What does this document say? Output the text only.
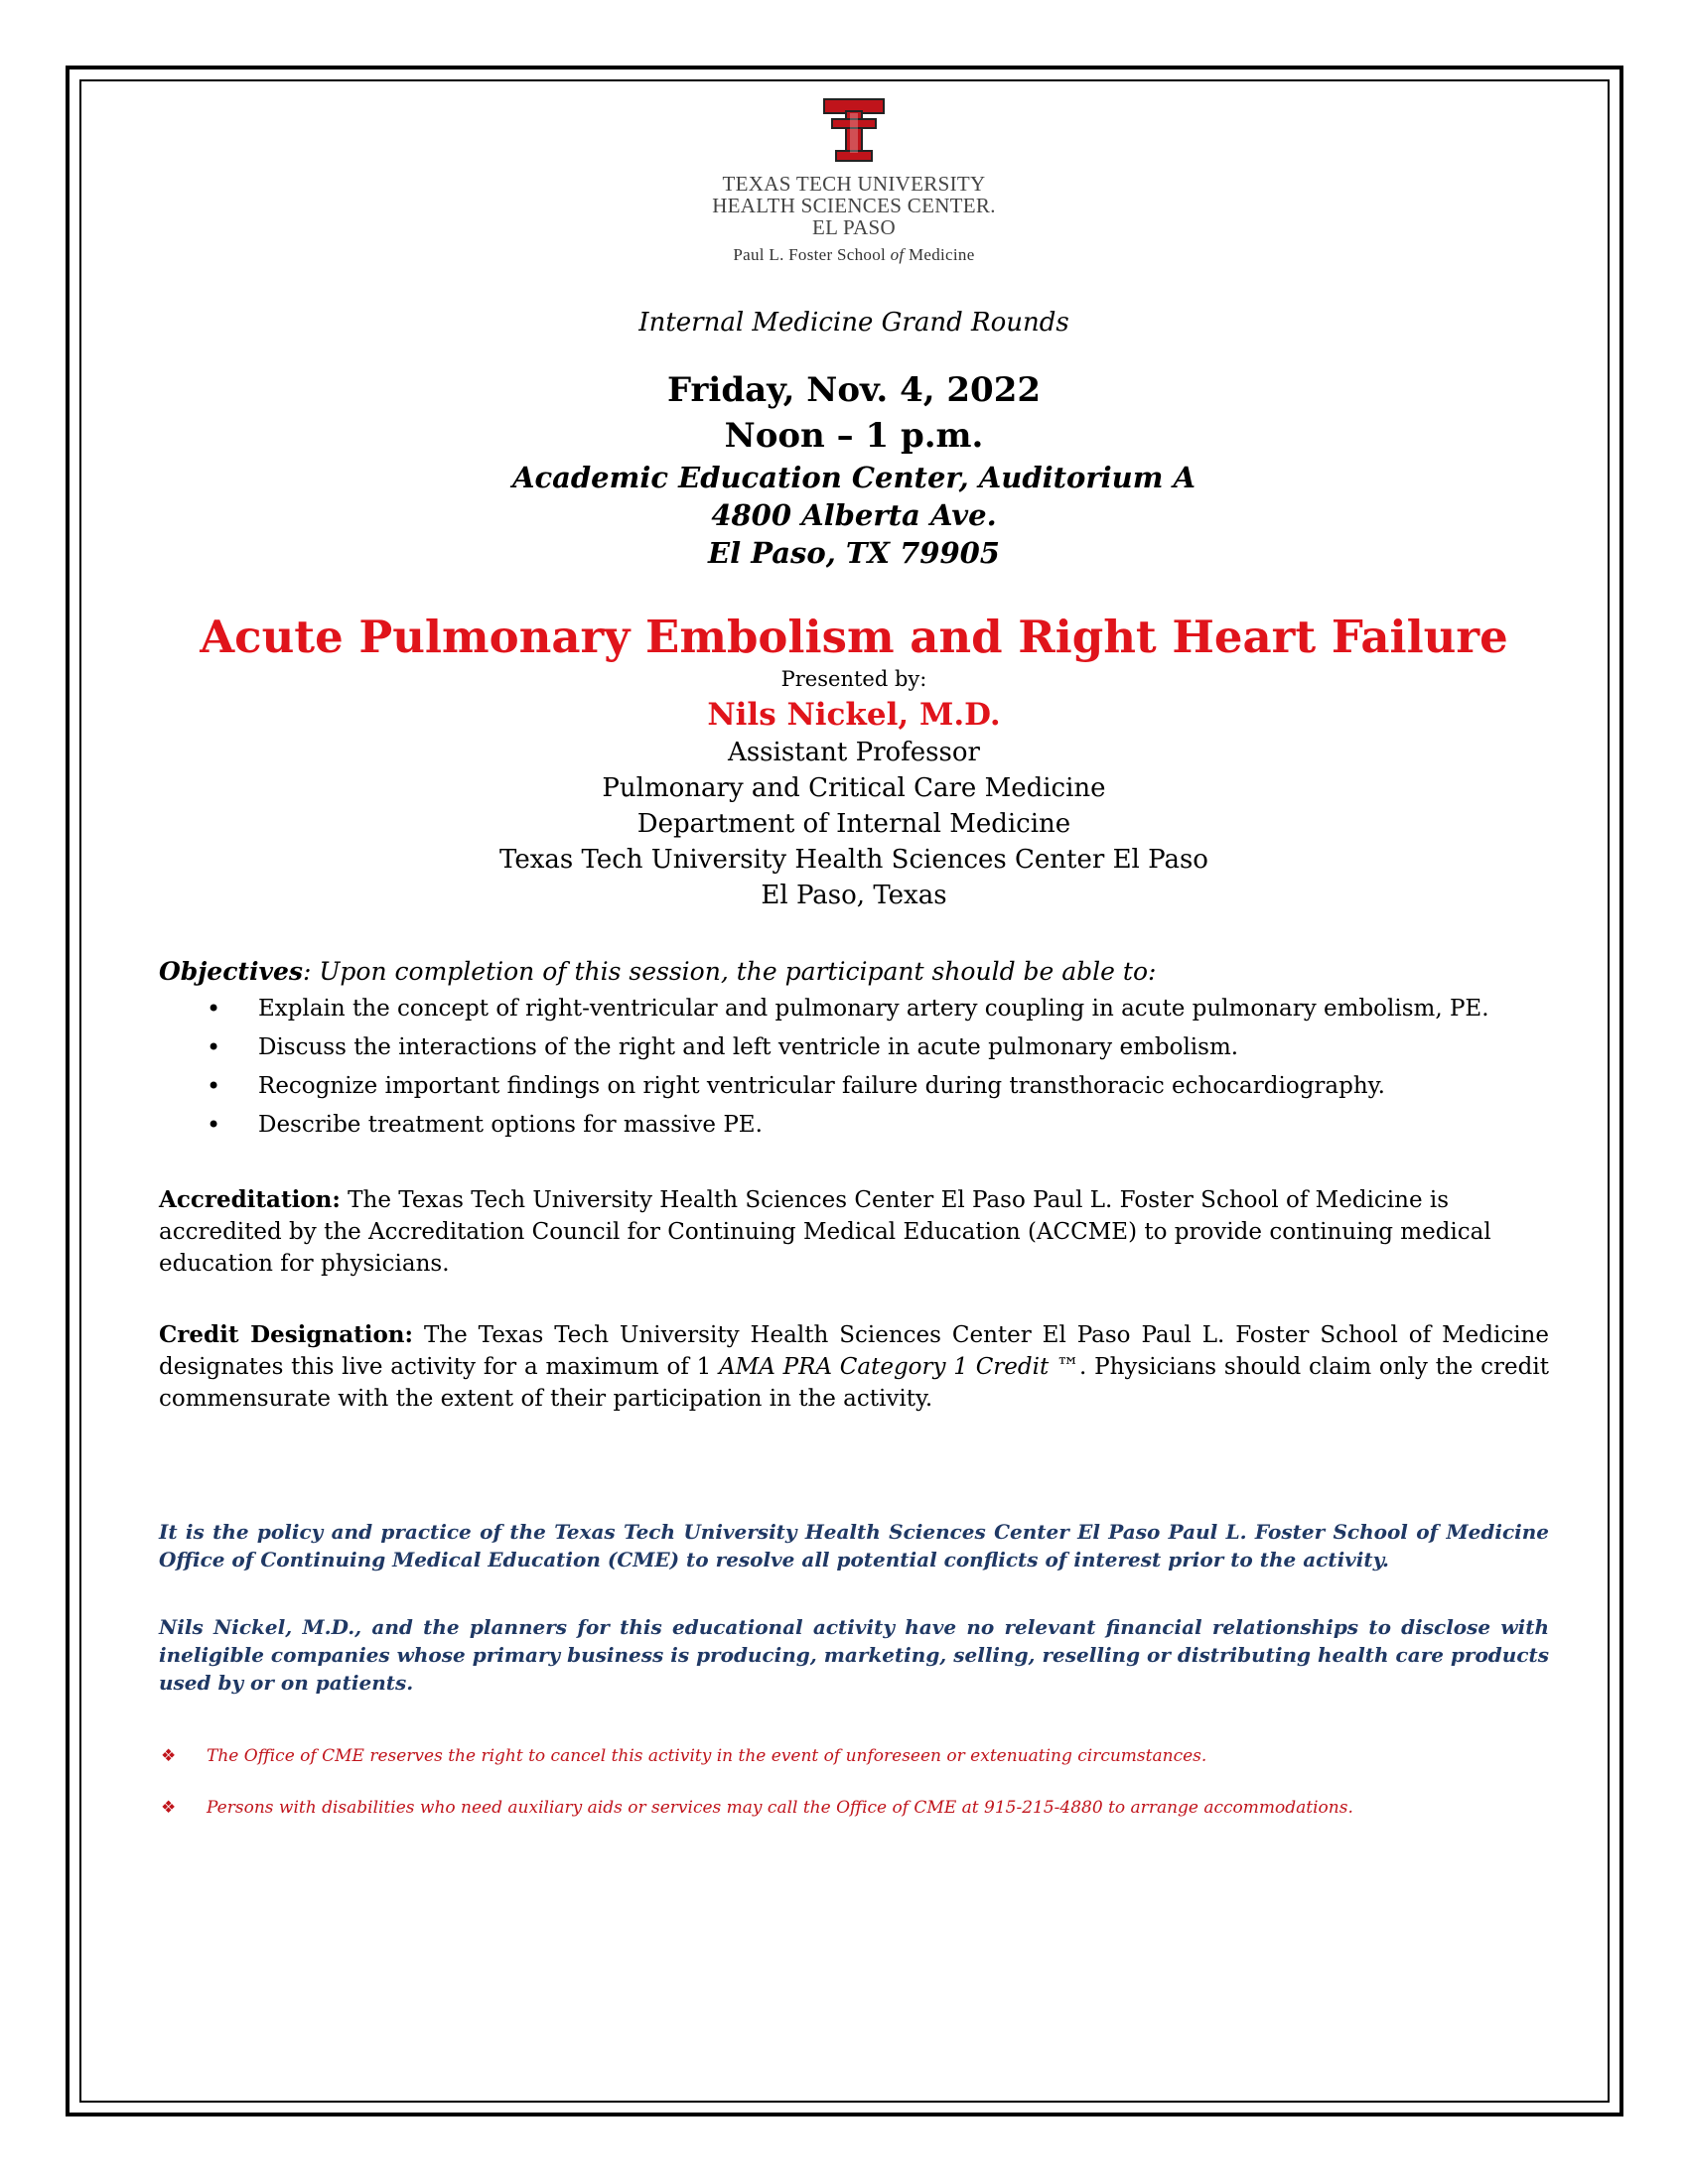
TEXAS TECH UNIVERSITY
HEALTH SCIENCES CENTER.
EL PASO
Paul L. Foster School of Medicine
Internal Medicine Grand Rounds
Friday, Nov. 4, 2022
Noon – 1 p.m.
Academic Education Center, Auditorium A
4800 Alberta Ave.
El Paso, TX 79905
Acute Pulmonary Embolism and Right Heart Failure
Presented by:
Nils Nickel, M.D.
Assistant Professor
Pulmonary and Critical Care Medicine
Department of Internal Medicine
Texas Tech University Health Sciences Center El Paso
El Paso, Texas
Objectives: Upon completion of this session, the participant should be able to:
• Explain the concept of right-ventricular and pulmonary artery coupling in acute pulmonary embolism, PE.
• Discuss the interactions of the right and left ventricle in acute pulmonary embolism.
• Recognize important findings on right ventricular failure during transthoracic echocardiography.
• Describe treatment options for massive PE.
Accreditation: The Texas Tech University Health Sciences Center El Paso Paul L. Foster School of Medicine is accredited by the Accreditation Council for Continuing Medical Education (ACCME) to provide continuing medical education for physicians.
Credit Designation: The Texas Tech University Health Sciences Center El Paso Paul L. Foster School of Medicine designates this live activity for a maximum of 1 AMA PRA Category 1 Credit ™. Physicians should claim only the credit commensurate with the extent of their participation in the activity.
It is the policy and practice of the Texas Tech University Health Sciences Center El Paso Paul L. Foster School of Medicine Office of Continuing Medical Education (CME) to resolve all potential conflicts of interest prior to the activity.
Nils Nickel, M.D., and the planners for this educational activity have no relevant financial relationships to disclose with ineligible companies whose primary business is producing, marketing, selling, reselling or distributing health care products used by or on patients.
❖ The Office of CME reserves the right to cancel this activity in the event of unforeseen or extenuating circumstances.
❖ Persons with disabilities who need auxiliary aids or services may call the Office of CME at 915-215-4880 to arrange accommodations.
